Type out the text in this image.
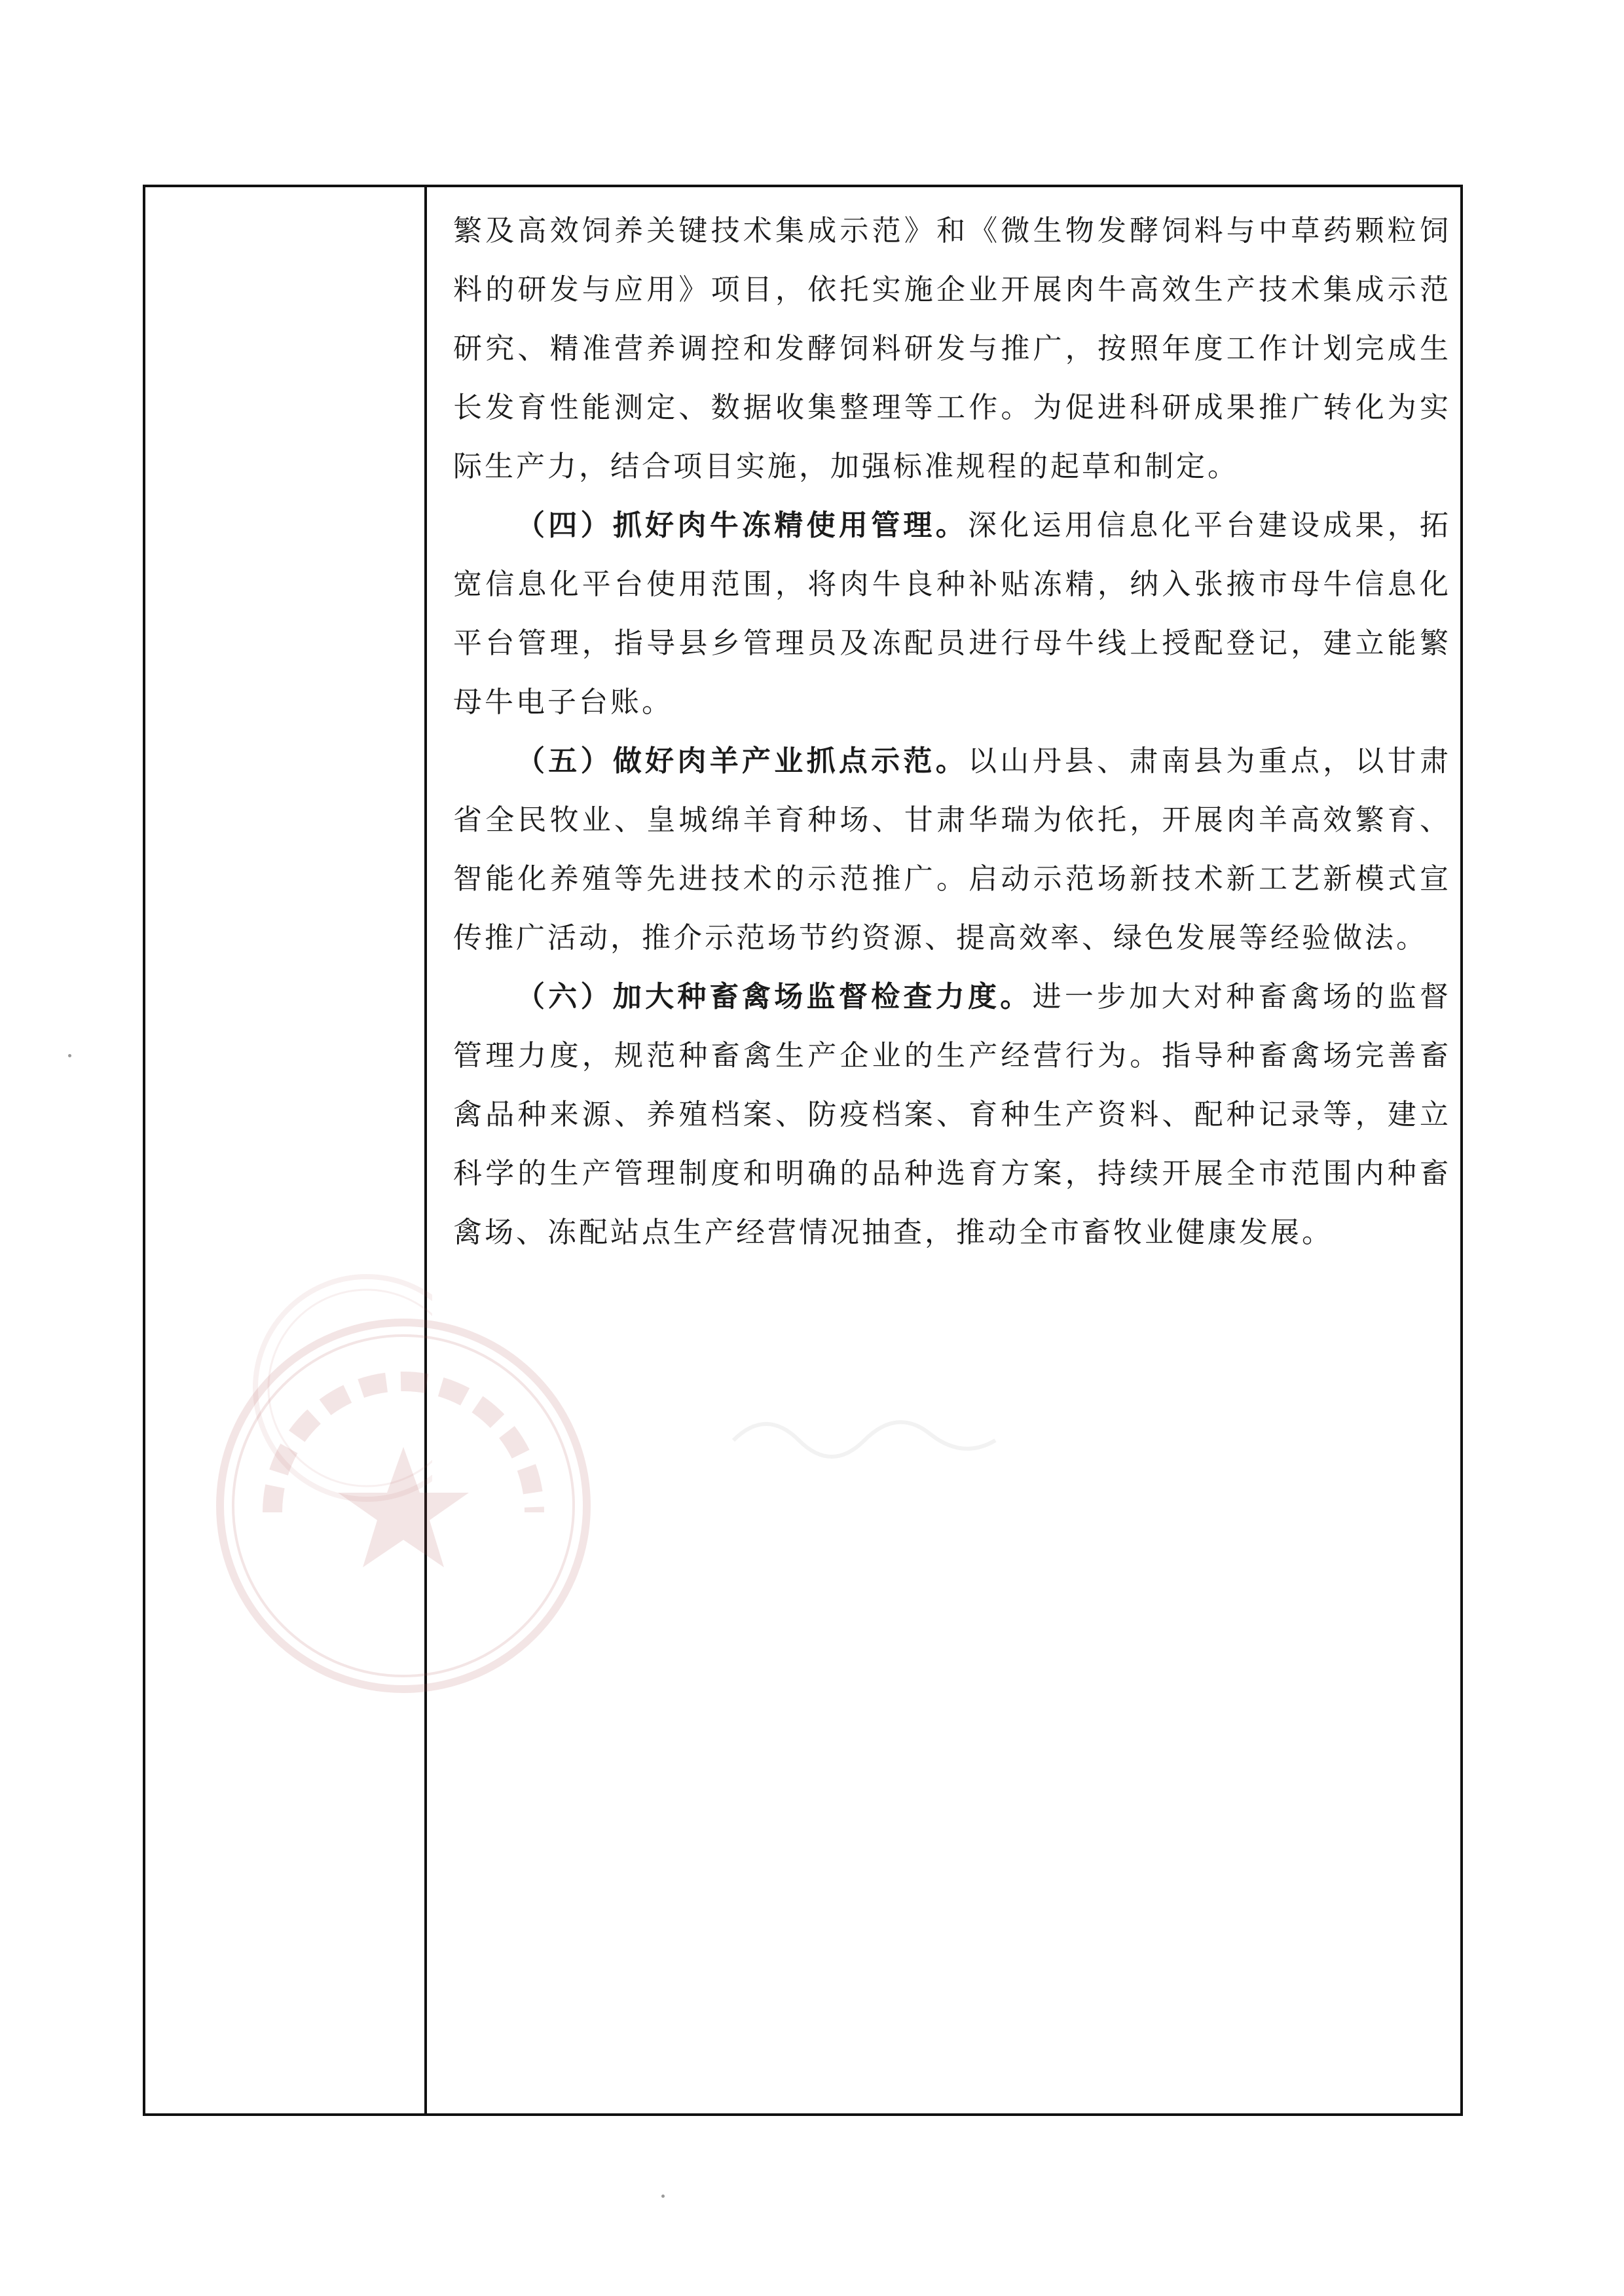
繁及高效饲养关键技术集成示范》和《微生物发酵饲料与中草药颗粒饲料的研发与应用》项目，依托实施企业开展肉牛高效生产技术集成示范研究、精准营养调控和发酵饲料研发与推广，按照年度工作计划完成生长发育性能测定、数据收集整理等工作。为促进科研成果推广转化为实际生产力，结合项目实施，加强标准规程的起草和制定。

（四）抓好肉牛冻精使用管理。深化运用信息化平台建设成果，拓宽信息化平台使用范围，将肉牛良种补贴冻精，纳入张掖市母牛信息化平台管理，指导县乡管理员及冻配员进行母牛线上授配登记，建立能繁母牛电子台账。

（五）做好肉羊产业抓点示范。以山丹县、肃南县为重点，以甘肃省全民牧业、皇城绵羊育种场、甘肃华瑞为依托，开展肉羊高效繁育、智能化养殖等先进技术的示范推广。启动示范场新技术新工艺新模式宣传推广活动，推介示范场节约资源、提高效率、绿色发展等经验做法。

（六）加大种畜禽场监督检查力度。进一步加大对种畜禽场的监督管理力度，规范种畜禽生产企业的生产经营行为。指导种畜禽场完善畜禽品种来源、养殖档案、防疫档案、育种生产资料、配种记录等，建立科学的生产管理制度和明确的品种选育方案，持续开展全市范围内种畜禽场、冻配站点生产经营情况抽查，推动全市畜牧业健康发展。
